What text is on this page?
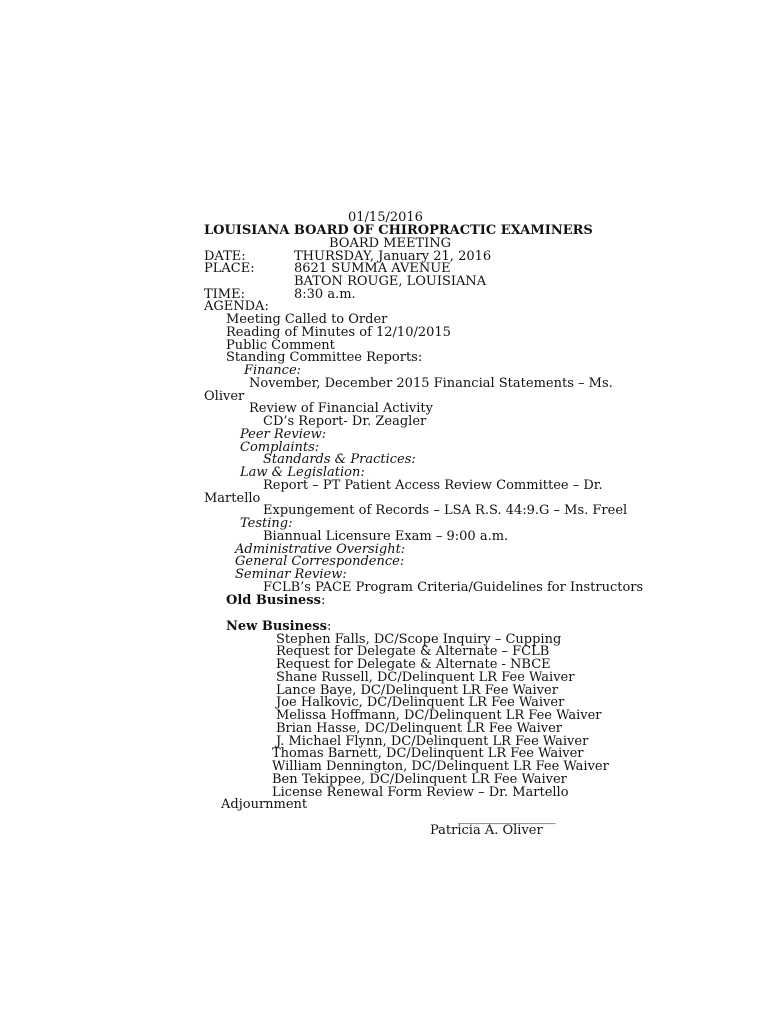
01/15/2016
LOUISIANA BOARD OF CHIROPRACTIC EXAMINERS
BOARD MEETING
DATE:	THURSDAY, January 21, 2016
PLACE:	8621 SUMMA AVENUE
BATON ROUGE, LOUISIANA
TIME:	8:30 a.m.
AGENDA:
Meeting Called to Order
Reading of Minutes of 12/10/2015
Public Comment
Standing Committee Reports:
Finance:
November, December 2015 Financial Statements – Ms.
Oliver
Review of Financial Activity
CD’s Report- Dr. Zeagler
Peer Review:
Complaints:
Standards & Practices:
Law & Legislation:
Report – PT Patient Access Review Committee – Dr.
Martello
Expungement of Records – LSA R.S. 44:9.G – Ms. Freel
Testing:
Biannual Licensure Exam – 9:00 a.m.
Administrative Oversight:
General Correspondence:
Seminar Review:
FCLB’s PACE Program Criteria/Guidelines for Instructors
Old Business:
New Business:
Stephen Falls, DC/Scope Inquiry – Cupping
Request for Delegate & Alternate – FCLB
Request for Delegate & Alternate - NBCE
Shane Russell, DC/Delinquent LR Fee Waiver
Lance Baye, DC/Delinquent LR Fee Waiver
Joe Halkovic, DC/Delinquent LR Fee Waiver
Melissa Hoffmann, DC/Delinquent LR Fee Waiver
Brian Hasse, DC/Delinquent LR Fee Waiver
J. Michael Flynn, DC/Delinquent LR Fee Waiver
Thomas Barnett, DC/Delinquent LR Fee Waiver
William Dennington, DC/Delinquent LR Fee Waiver
Ben Tekippee, DC/Delinquent LR Fee Waiver
License Renewal Form Review – Dr. Martello
Adjournment
_______________
Patricia A. Oliver
